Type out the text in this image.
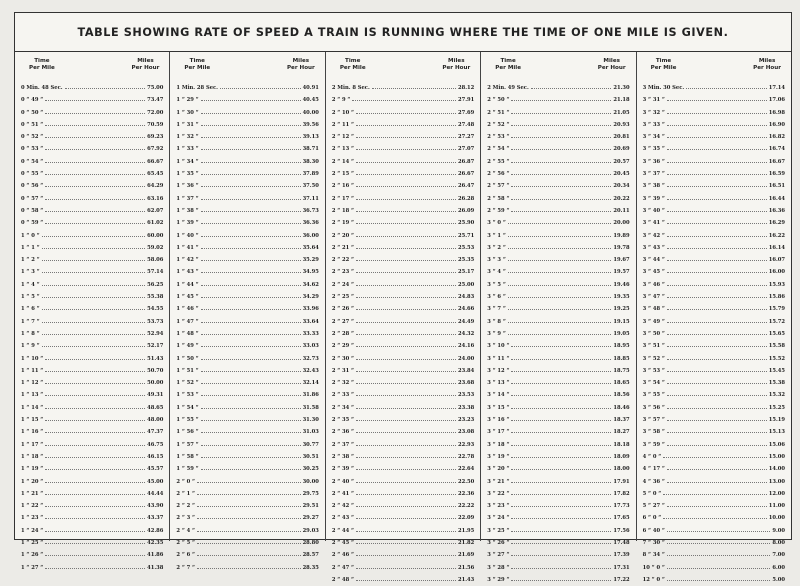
TABLE SHOWING RATE OF SPEED A TRAIN IS RUNNING WHERE THE TIME OF ONE MILE IS GIVEN.
Time
Per Mile
Miles
Per Hour
0 Min. 48 Sec.	75.00
0 “ 49 “	73.47
0 “ 50 “	72.00
0 “ 51 “	70.59
0 “ 52 “	69.23
0 “ 53 “	67.92
0 “ 54 “	66.67
0 “ 55 “	65.45
0 “ 56 “	64.29
0 “ 57 “	63.16
0 “ 58 “	62.07
0 “ 59 “	61.02
1 “ 0 “	60.00
1 “ 1 “	59.02
1 “ 2 “	58.06
1 “ 3 “	57.14
1 “ 4 “	56.25
1 “ 5 “	55.38
1 “ 6 “	54.55
1 “ 7 “	53.73
1 “ 8 “	52.94
1 “ 9 “	52.17
1 “ 10 “	51.43
1 “ 11 “	50.70
1 “ 12 “	50.00
1 “ 13 “	49.31
1 “ 14 “	48.65
1 “ 15 “	48.00
1 “ 16 “	47.37
1 “ 17 “	46.75
1 “ 18 “	46.15
1 “ 19 “	45.57
1 “ 20 “	45.00
1 “ 21 “	44.44
1 “ 22 “	43.90
1 “ 23 “	43.37
1 “ 24 “	42.86
1 “ 25 “	42.35
1 “ 26 “	41.86
1 “ 27 “	41.38
Time
Per Mile
Miles
Per Hour
1 Min. 28 Sec.	40.91
1 “ 29 “	40.45
1 “ 30 “	40.00
1 “ 31 “	39.56
1 “ 32 “	39.13
1 “ 33 “	38.71
1 “ 34 “	38.30
1 “ 35 “	37.89
1 “ 36 “	37.50
1 “ 37 “	37.11
1 “ 38 “	36.73
1 “ 39 “	36.36
1 “ 40 “	36.00
1 “ 41 “	35.64
1 “ 42 “	35.29
1 “ 43 “	34.95
1 “ 44 “	34.62
1 “ 45 “	34.29
1 “ 46 “	33.96
1 “ 47 “	33.64
1 “ 48 “	33.33
1 “ 49 “	33.03
1 “ 50 “	32.73
1 “ 51 “	32.43
1 “ 52 “	32.14
1 “ 53 “	31.86
1 “ 54 “	31.58
1 “ 55 “	31.30
1 “ 56 “	31.03
1 “ 57 “	30.77
1 “ 58 “	30.51
1 “ 59 “	30.25
2 “ 0 “	30.00
2 “ 1 “	29.75
2 “ 2 “	29.51
2 “ 3 “	29.27
2 “ 4 “	29.03
2 “ 5 “	28.80
2 “ 6 “	28.57
2 “ 7 “	28.35
Time
Per Mile
Miles
Per Hour
2 Min. 8 Sec.	28.12
2 “ 9 “	27.91
2 “ 10 “	27.69
2 “ 11 “	27.48
2 “ 12 “	27.27
2 “ 13 “	27.07
2 “ 14 “	26.87
2 “ 15 “	26.67
2 “ 16 “	26.47
2 “ 17 “	26.28
2 “ 18 “	26.09
2 “ 19 “	25.90
2 “ 20 “	25.71
2 “ 21 “	25.53
2 “ 22 “	25.35
2 “ 23 “	25.17
2 “ 24 “	25.00
2 “ 25 “	24.83
2 “ 26 “	24.66
2 “ 27 “	24.49
2 “ 28 “	24.32
2 “ 29 “	24.16
2 “ 30 “	24.00
2 “ 31 “	23.84
2 “ 32 “	23.68
2 “ 33 “	23.53
2 “ 34 “	23.38
2 “ 35 “	23.23
2 “ 36 “	23.08
2 “ 37 “	22.93
2 “ 38 “	22.78
2 “ 39 “	22.64
2 “ 40 “	22.50
2 “ 41 “	22.36
2 “ 42 “	22.22
2 “ 43 “	22.09
2 “ 44 “	21.95
2 “ 45 “	21.82
2 “ 46 “	21.69
2 “ 47 “	21.56
2 “ 48 “	21.43
Time
Per Mile
Miles
Per Hour
2 Min. 49 Sec.	21.30
2 “ 50 “	21.18
2 “ 51 “	21.05
2 “ 52 “	20.93
2 “ 53 “	20.81
2 “ 54 “	20.69
2 “ 55 “	20.57
2 “ 56 “	20.45
2 “ 57 “	20.34
2 “ 58 “	20.22
2 “ 59 “	20.11
3 “ 0 “	20.00
3 “ 1 “	19.89
3 “ 2 “	19.78
3 “ 3 “	19.67
3 “ 4 “	19.57
3 “ 5 “	19.46
3 “ 6 “	19.35
3 “ 7 “	19.25
3 “ 8 “	19.15
3 “ 9 “	19.05
3 “ 10 “	18.95
3 “ 11 “	18.85
3 “ 12 “	18.75
3 “ 13 “	18.65
3 “ 14 “	18.56
3 “ 15 “	18.46
3 “ 16 “	18.37
3 “ 17 “	18.27
3 “ 18 “	18.18
3 “ 19 “	18.09
3 “ 20 “	18.00
3 “ 21 “	17.91
3 “ 22 “	17.82
3 “ 23 “	17.73
3 “ 24 “	17.65
3 “ 25 “	17.56
3 “ 26 “	17.48
3 “ 27 “	17.39
3 “ 28 “	17.31
3 “ 29 “	17.22
Time
Per Mile
Miles
Per Hour
3 Min. 30 Sec.	17.14
3 “ 31 “	17.06
3 “ 32 “	16.98
3 “ 33 “	16.90
3 “ 34 “	16.82
3 “ 35 “	16.74
3 “ 36 “	16.67
3 “ 37 “	16.59
3 “ 38 “	16.51
3 “ 39 “	16.44
3 “ 40 “	16.36
3 “ 41 “	16.29
3 “ 42 “	16.22
3 “ 43 “	16.14
3 “ 44 “	16.07
3 “ 45 “	16.00
3 “ 46 “	15.93
3 “ 47 “	15.86
3 “ 48 “	15.79
3 “ 49 “	15.72
3 “ 50 “	15.65
3 “ 51 “	15.58
3 “ 52 “	15.52
3 “ 53 “	15.45
3 “ 54 “	15.38
3 “ 55 “	15.32
3 “ 56 “	15.25
3 “ 57 “	15.19
3 “ 58 “	15.13
3 “ 59 “	15.06
4 “ 0 “	15.00
4 “ 17 “	14.00
4 “ 36 “	13.00
5 “ 0 “	12.00
5 “ 27 “	11.00
6 “ 0 “	10.00
6 “ 40 “	9.00
7 “ 30 “	8.00
8 “ 34 “	7.00
10 “ 0 “	6.00
12 “ 0 “	5.00
